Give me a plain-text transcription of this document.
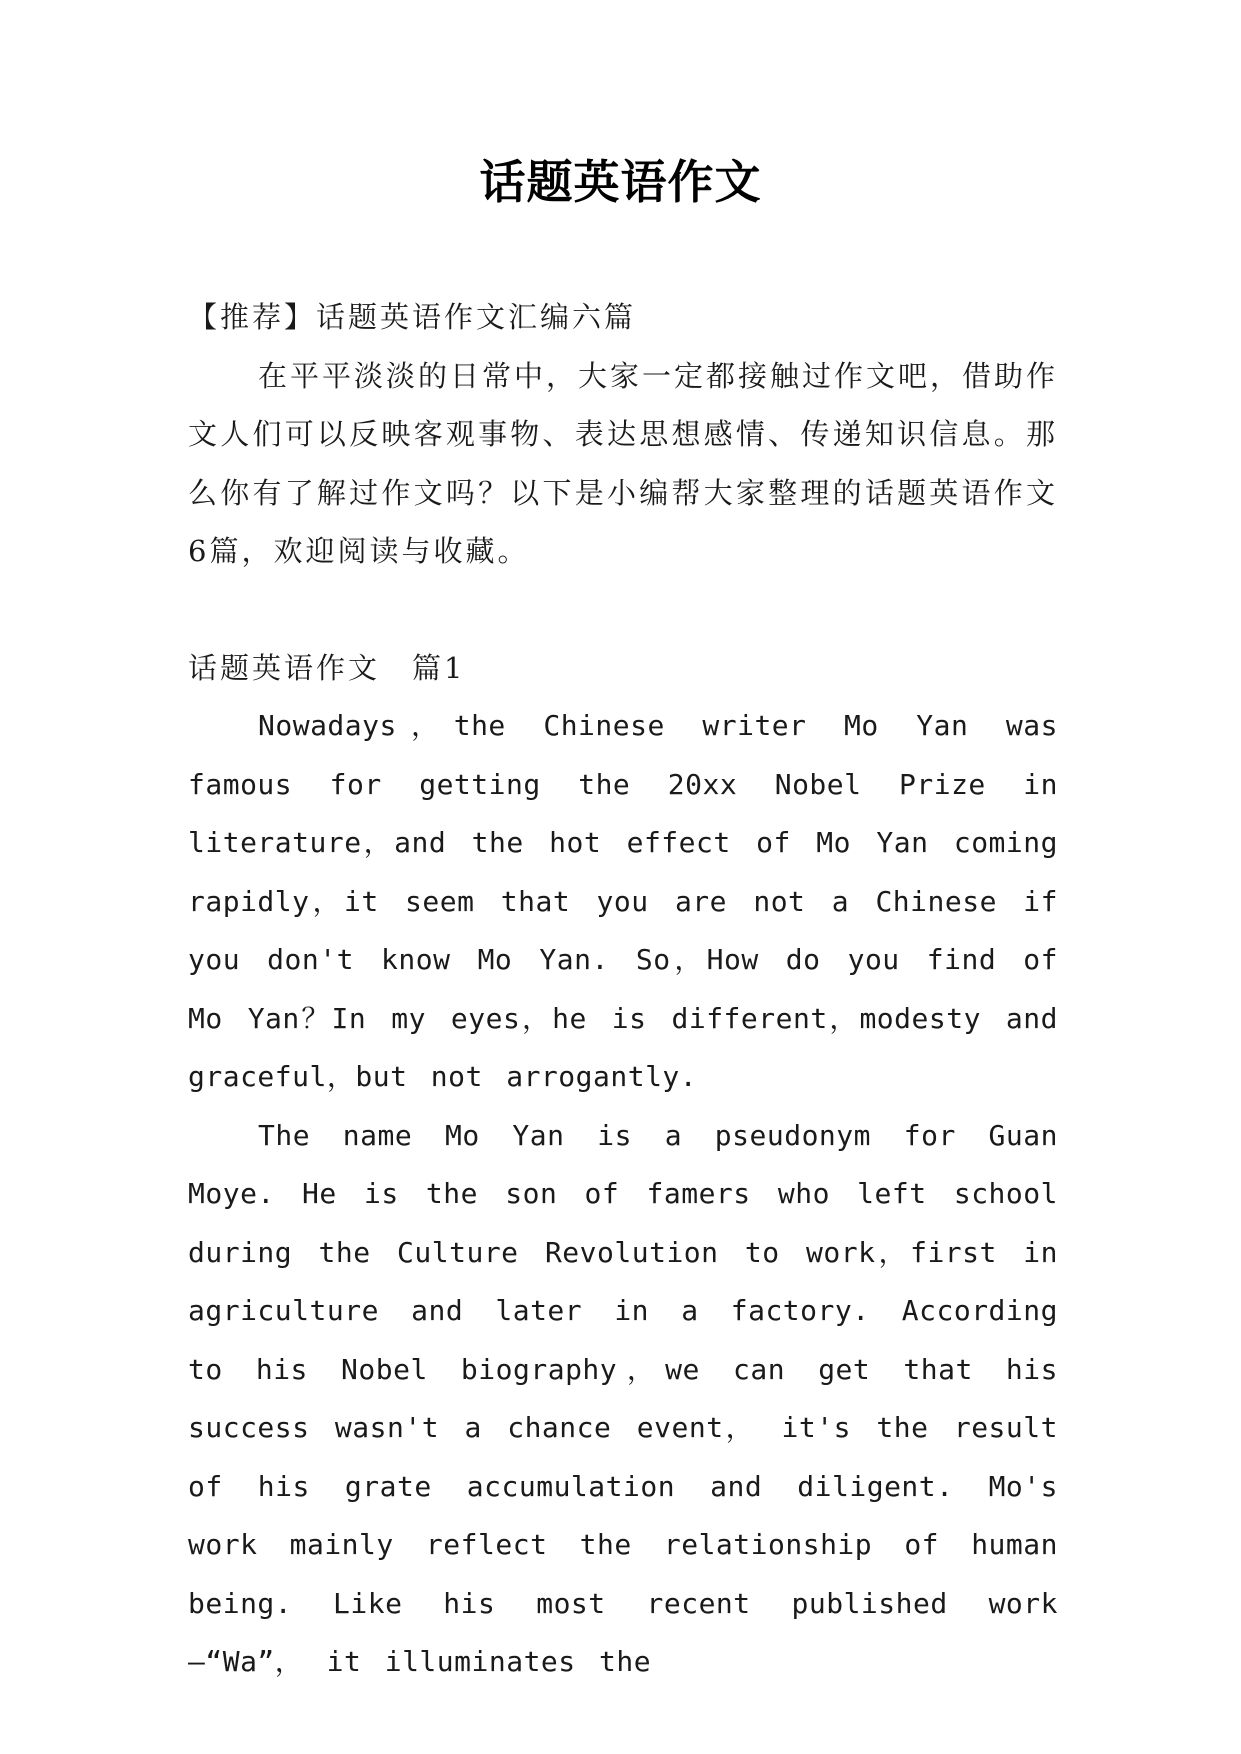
话题英语作文

【推荐】话题英语作文汇编六篇

在平平淡淡的日常中，大家一定都接触过作文吧，借助作文人们可以反映客观事物、表达思想感情、传递知识信息。那么你有了解过作文吗？以下是小编帮大家整理的话题英语作文6篇，欢迎阅读与收藏。

话题英语作文　篇1

Nowadays，the Chinese writer Mo Yan was famous for getting the 20xx Nobel Prize in literature，and the hot effect of Mo Yan coming rapidly，it seem that you are not a Chinese if you don't know Mo Yan. So，How do you find of Mo Yan？In my eyes，he is different，modesty and graceful，but not arrogantly.

The name Mo Yan is a pseudonym for Guan Moye. He is the son of famers who left school during the Culture Revolution to work，first in agriculture and later in a factory. According to his Nobel biography，we can get that his success wasn't a chance event， it's the result of his grate accumulation and diligent. Mo's work mainly reflect the relationship of human being. Like his most recent published work—“Wa”， it illuminates the
